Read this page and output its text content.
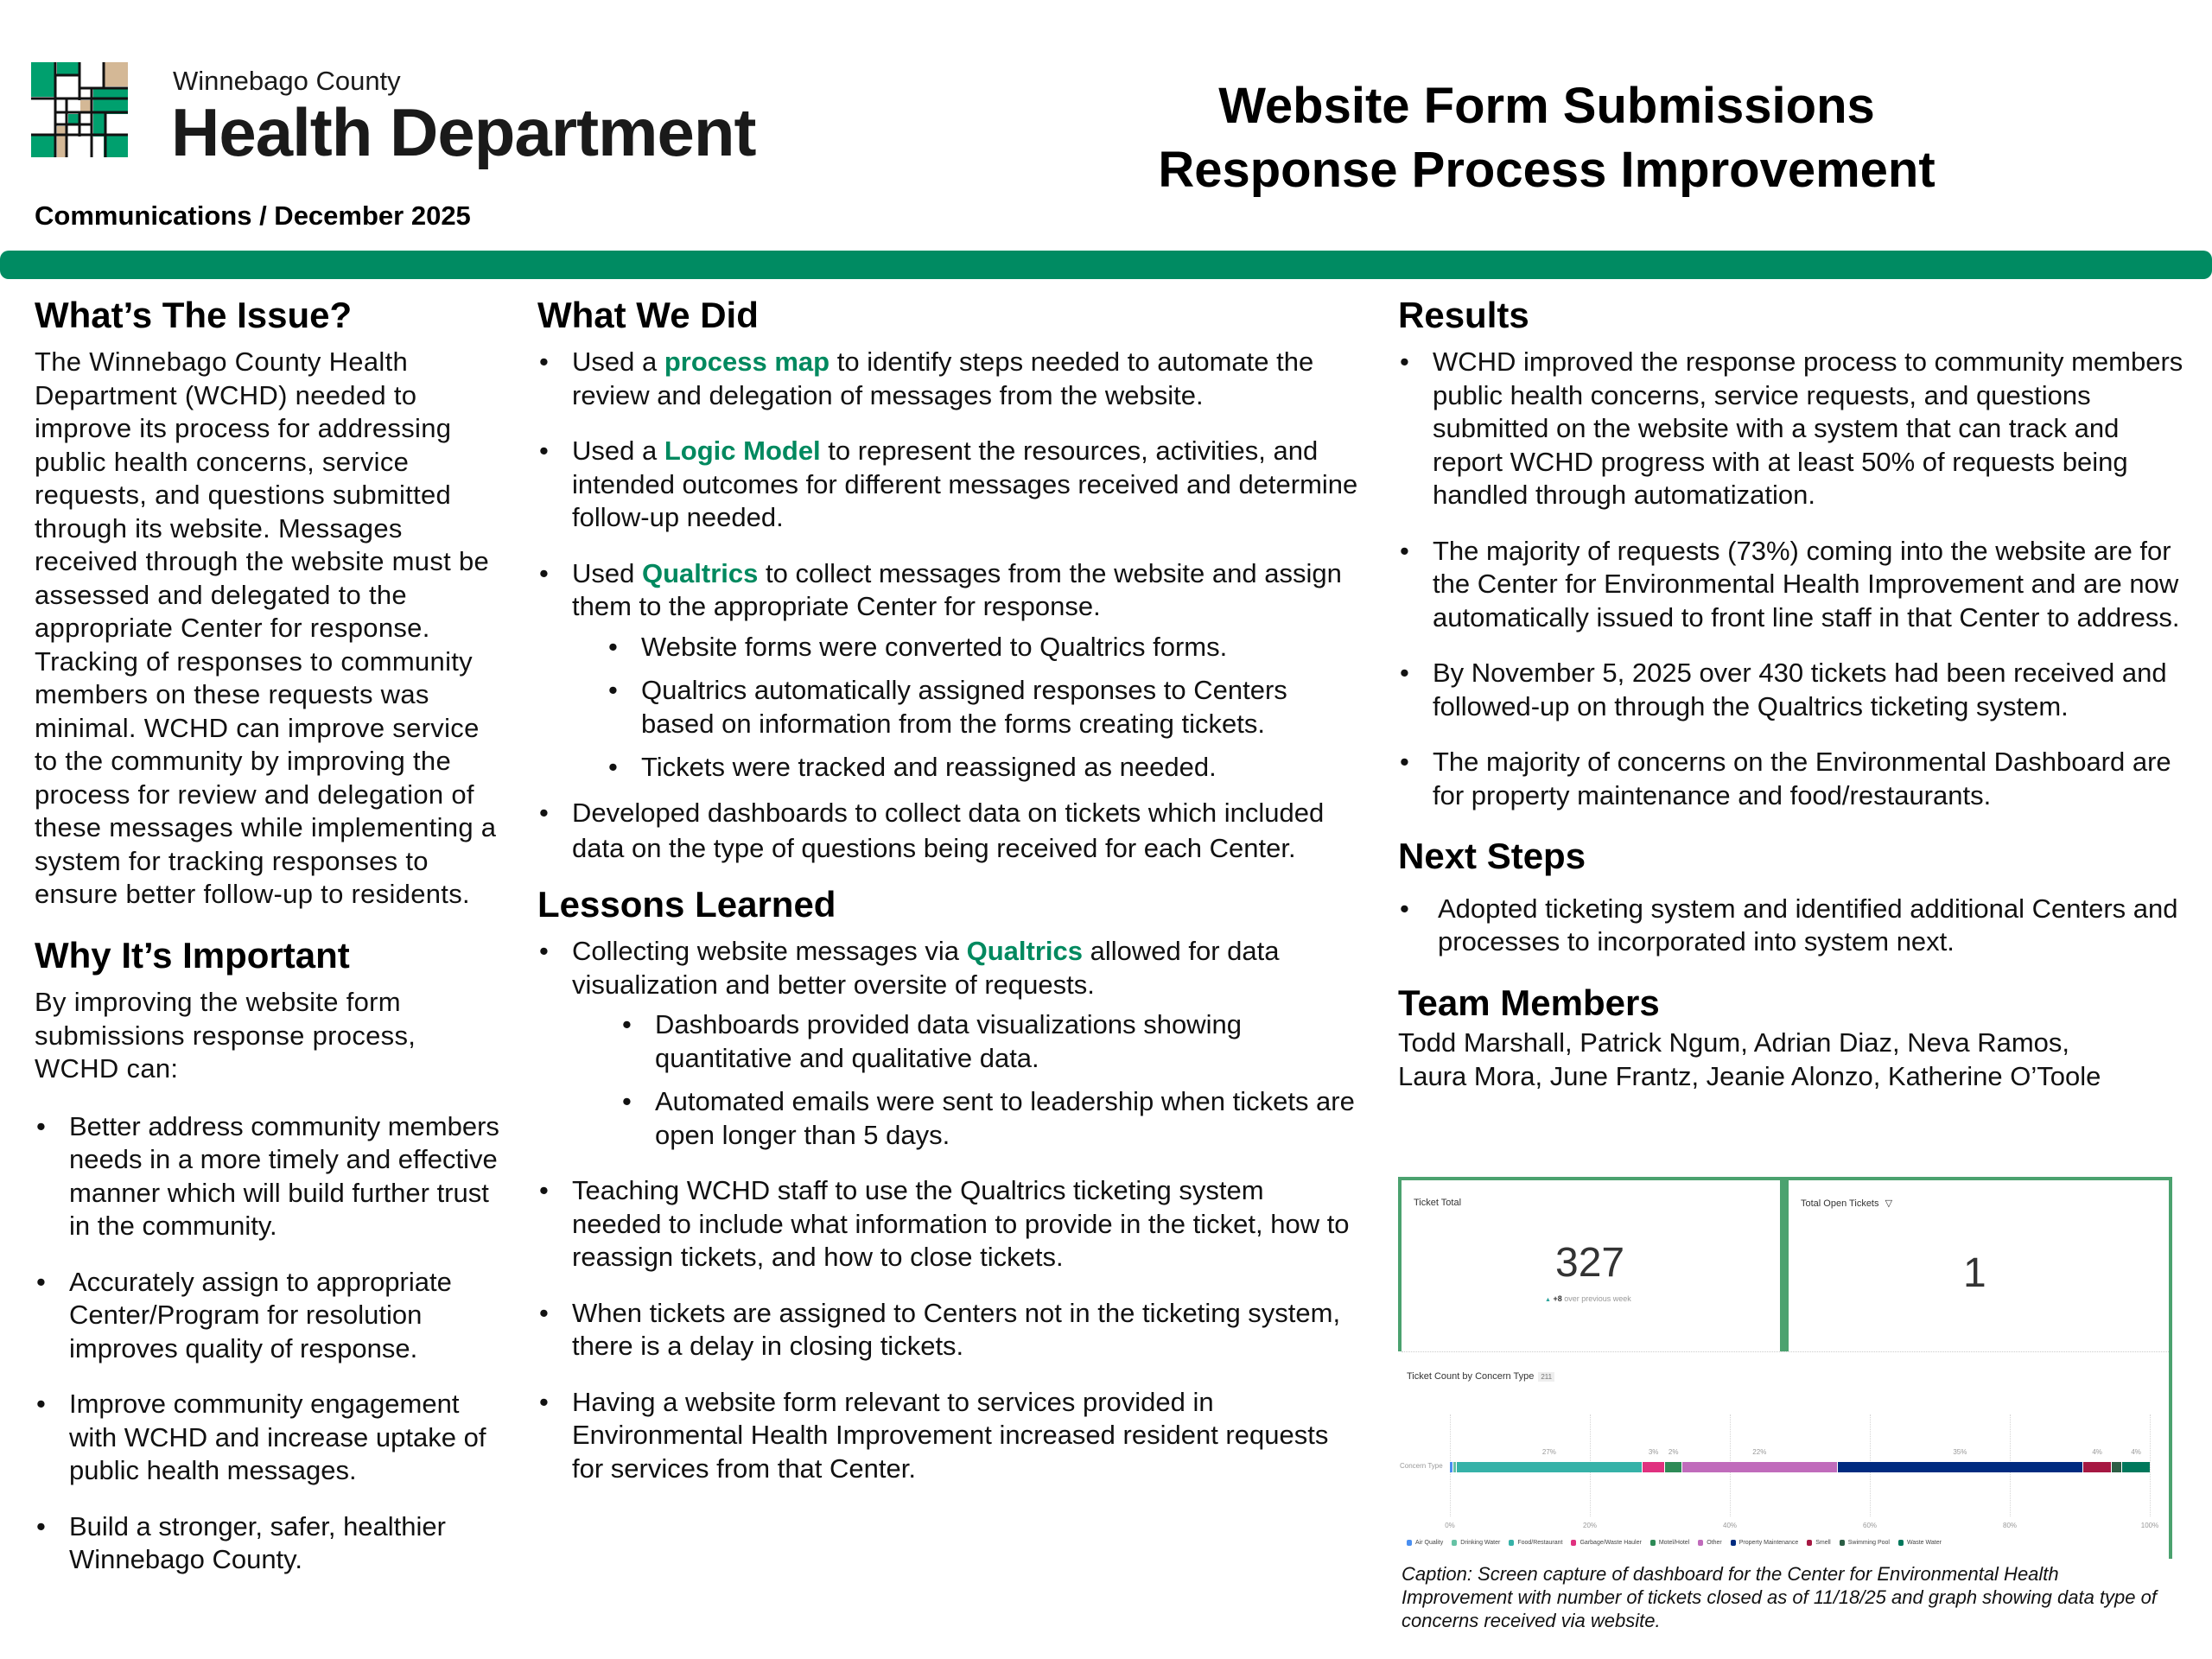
Winnebago County
Health Department
Communications / December 2025
Website Form Submissions
Response Process Improvement
What’s The Issue?

The Winnebago County Health Department (WCHD) needed to improve its process for addressing public health concerns, service requests, and questions submitted through its website. Messages received through the website must be assessed and delegated to the appropriate Center for response. Tracking of responses to community members on these requests was minimal. WCHD can improve service to the community by improving the process for review and delegation of these messages while implementing a system for tracking responses to ensure better follow-up to residents.

Why It’s Important

By improving the website form submissions response process, WCHD can:

• Better address community members needs in a more timely and effective manner which will build further trust in the community.
• Accurately assign to appropriate Center/Program for resolution improves quality of response.
• Improve community engagement with WCHD and increase uptake of public health messages.
• Build a stronger, safer, healthier Winnebago County.
What We Did
• Used a process map to identify steps needed to automate the review and delegation of messages from the website.
• Used a Logic Model to represent the resources, activities, and intended outcomes for different messages received and determine follow-up needed.
• Used Qualtrics to collect messages from the website and assign them to the appropriate Center for response.
• Website forms were converted to Qualtrics forms.
• Qualtrics automatically assigned responses to Centers based on information from the forms creating tickets.
• Tickets were tracked and reassigned as needed.
• Developed dashboards to collect data on tickets which included data on the type of questions being received for each Center.
Lessons Learned
• Collecting website messages via Qualtrics allowed for data visualization and better oversite of requests.
• Dashboards provided data visualizations showing quantitative and qualitative data.
• Automated emails were sent to leadership when tickets are open longer than 5 days.
• Teaching WCHD staff to use the Qualtrics ticketing system needed to include what information to provide in the ticket, how to reassign tickets, and how to close tickets.
• When tickets are assigned to Centers not in the ticketing system, there is a delay in closing tickets.
• Having a website form relevant to services provided in Environmental Health Improvement increased resident requests for services from that Center.
Results
• WCHD improved the response process to community members public health concerns, service requests, and questions submitted on the website with a system that can track and report WCHD progress with at least 50% of requests being handled through automatization.
• The majority of requests (73%) coming into the website are for the Center for Environmental Health Improvement and are now automatically issued to front line staff in that Center to address.
• By November 5, 2025 over 430 tickets had been received and followed-up on through the Qualtrics ticketing system.
• The majority of concerns on the Environmental Dashboard are for property maintenance and food/restaurants.
Next Steps
• Adopted ticketing system and identified additional Centers and processes to incorporated into system next.
Team Members
Todd Marshall, Patrick Ngum, Adrian Diaz, Neva Ramos,
Laura Mora, June Frantz, Jeanie Alonzo, Katherine O’Toole
Ticket Total
327
▲ +8 over previous week
Total Open Tickets ▽
1
Ticket Count by Concern Type 211
Concern Type
27%	3% 2%	22%	35%	4%	4%
0%	20%	40%	60%	80%	100%
Air Quality	Drinking Water	Food/Restaurant	Garbage/Waste Hauler	Motel/Hotel	Other	Property Maintenance	Smell	Swimming Pool	Waste Water
Caption: Screen capture of dashboard for the Center for Environmental Health Improvement with number of tickets closed as of 11/18/25 and graph showing data type of concerns received via website.
